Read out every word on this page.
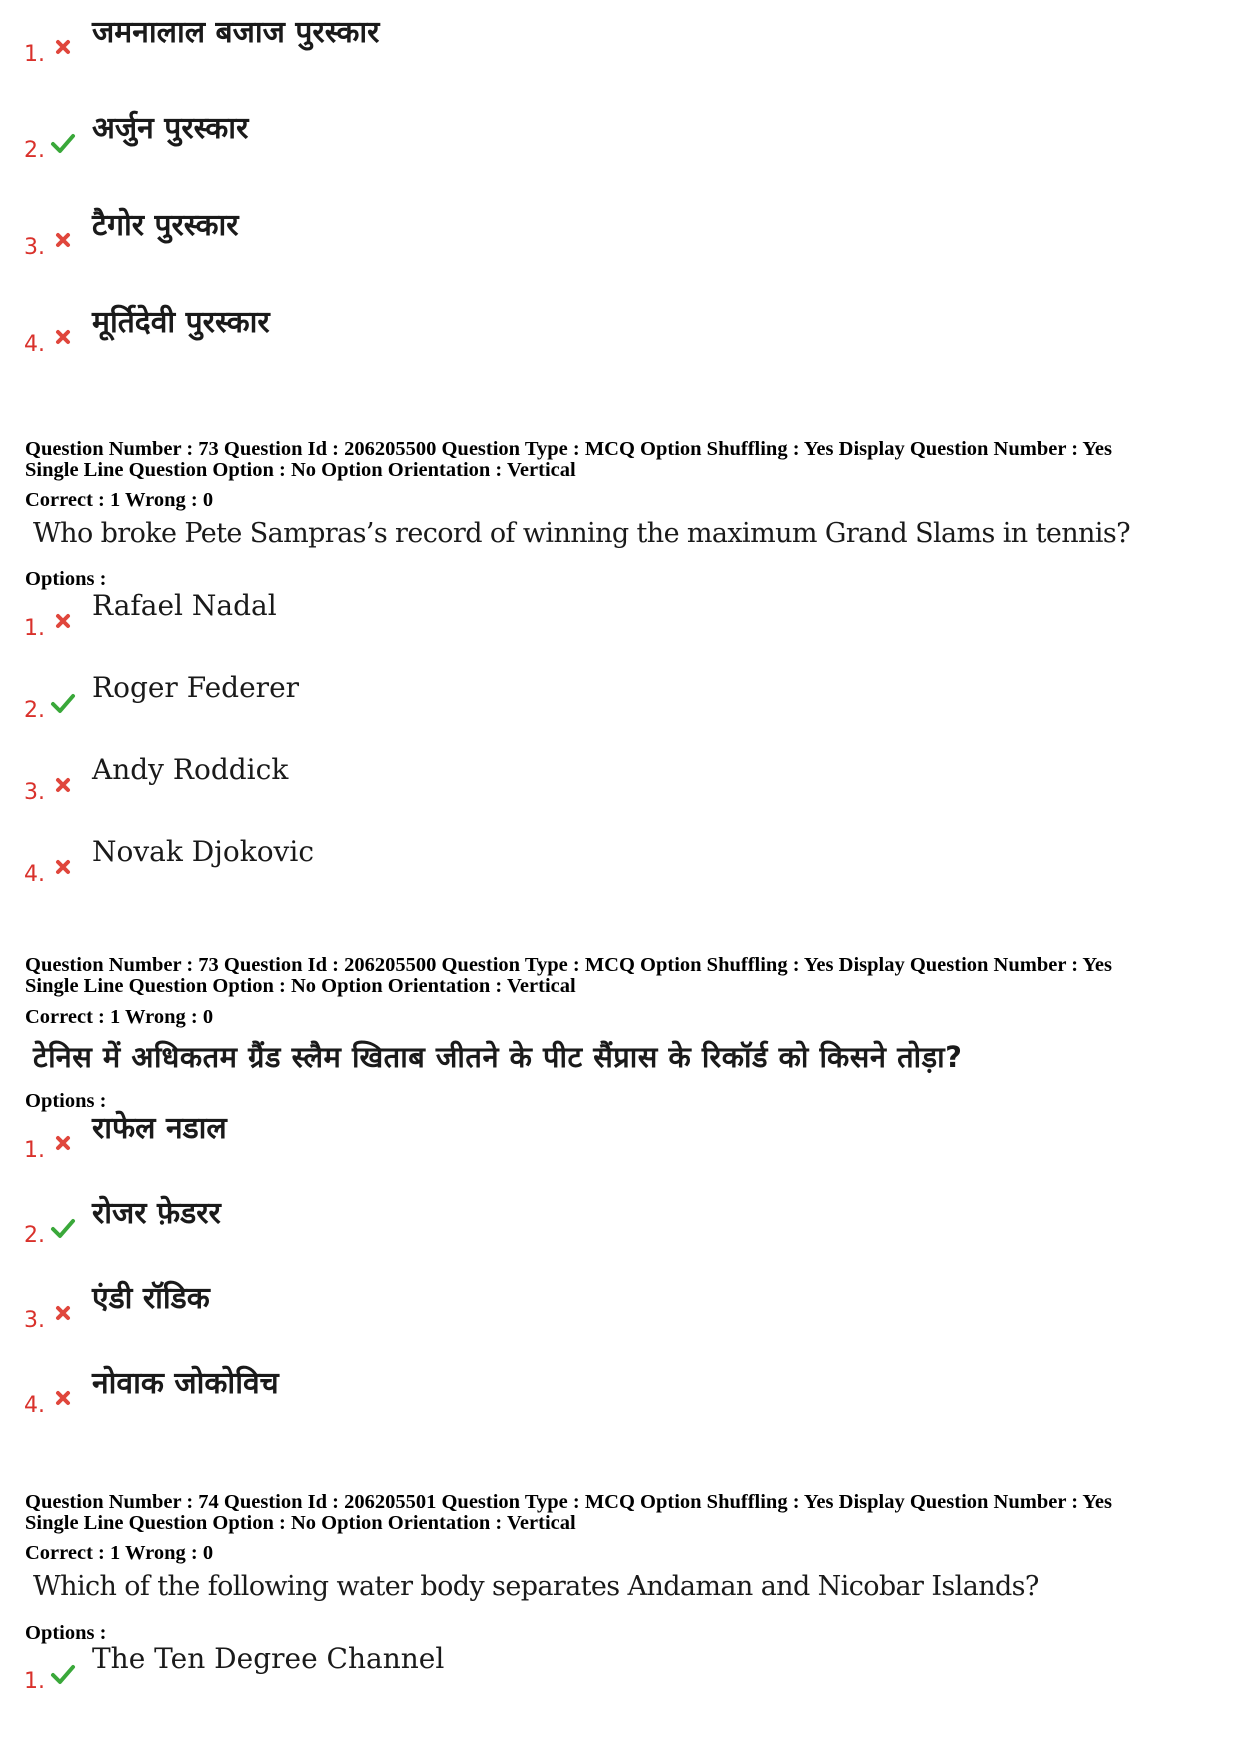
1.
जमनालाल बजाज पुरस्कार
2.
अर्जुन पुरस्कार
3.
टैगोर पुरस्कार
4.
मूर्तिदेवी पुरस्कार
Question Number : 73 Question Id : 206205500 Question Type : MCQ Option Shuffling : Yes Display Question Number : Yes
Single Line Question Option : No Option Orientation : Vertical
Correct : 1 Wrong : 0
Who broke Pete Sampras’s record of winning the maximum Grand Slams in tennis?
Options :
1.
Rafael Nadal
2.
Roger Federer
3.
Andy Roddick
4.
Novak Djokovic
Question Number : 73 Question Id : 206205500 Question Type : MCQ Option Shuffling : Yes Display Question Number : Yes
Single Line Question Option : No Option Orientation : Vertical
Correct : 1 Wrong : 0
टेनिस में अधिकतम ग्रैंड स्लैम खिताब जीतने के पीट सैंप्रास के रिकॉर्ड को किसने तोड़ा?
Options :
1.
राफेल नडाल
2.
रोजर फ़ेडरर
3.
एंडी रॉडिक
4.
नोवाक जोकोविच
Question Number : 74 Question Id : 206205501 Question Type : MCQ Option Shuffling : Yes Display Question Number : Yes
Single Line Question Option : No Option Orientation : Vertical
Correct : 1 Wrong : 0
Which of the following water body separates Andaman and Nicobar Islands?
Options :
1.
The Ten Degree Channel
